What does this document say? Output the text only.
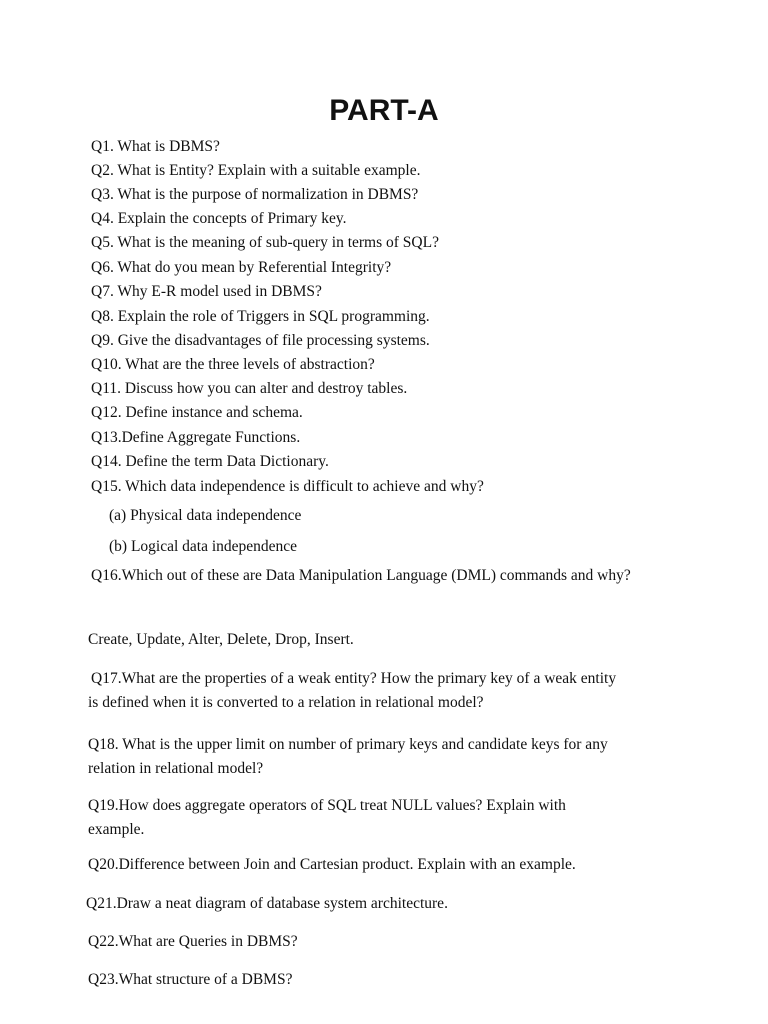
PART-A
Q1. What is DBMS?
Q2. What is Entity? Explain with a suitable example.
Q3. What is the purpose of normalization in DBMS?
Q4. Explain the concepts of Primary key.
Q5. What is the meaning of sub-query in terms of SQL?
Q6. What do you mean by Referential Integrity?
Q7. Why E-R model used in DBMS?
Q8. Explain the role of Triggers in SQL programming.
Q9. Give the disadvantages of file processing systems.
Q10. What are the three levels of abstraction?
Q11. Discuss how you can alter and destroy tables.
Q12. Define instance and schema.
Q13.Define Aggregate Functions.
Q14. Define the term Data Dictionary.
Q15. Which data independence is difficult to achieve and why?
(a) Physical data independence
(b) Logical data independence
Q16.Which out of these are Data Manipulation Language (DML) commands and why?
Create, Update, Alter, Delete, Drop, Insert.
Q17.What are the properties of a weak entity? How the primary key of a weak entity is defined when it is converted to a relation in relational model?
Q18. What is the upper limit on number of primary keys and candidate keys for any relation in relational model?
Q19.How does aggregate operators of SQL treat NULL values? Explain with example.
Q20.Difference between Join and Cartesian product. Explain with an example.
Q21.Draw a neat diagram of database system architecture.
Q22.What are Queries in DBMS?
Q23.What structure of a DBMS?
